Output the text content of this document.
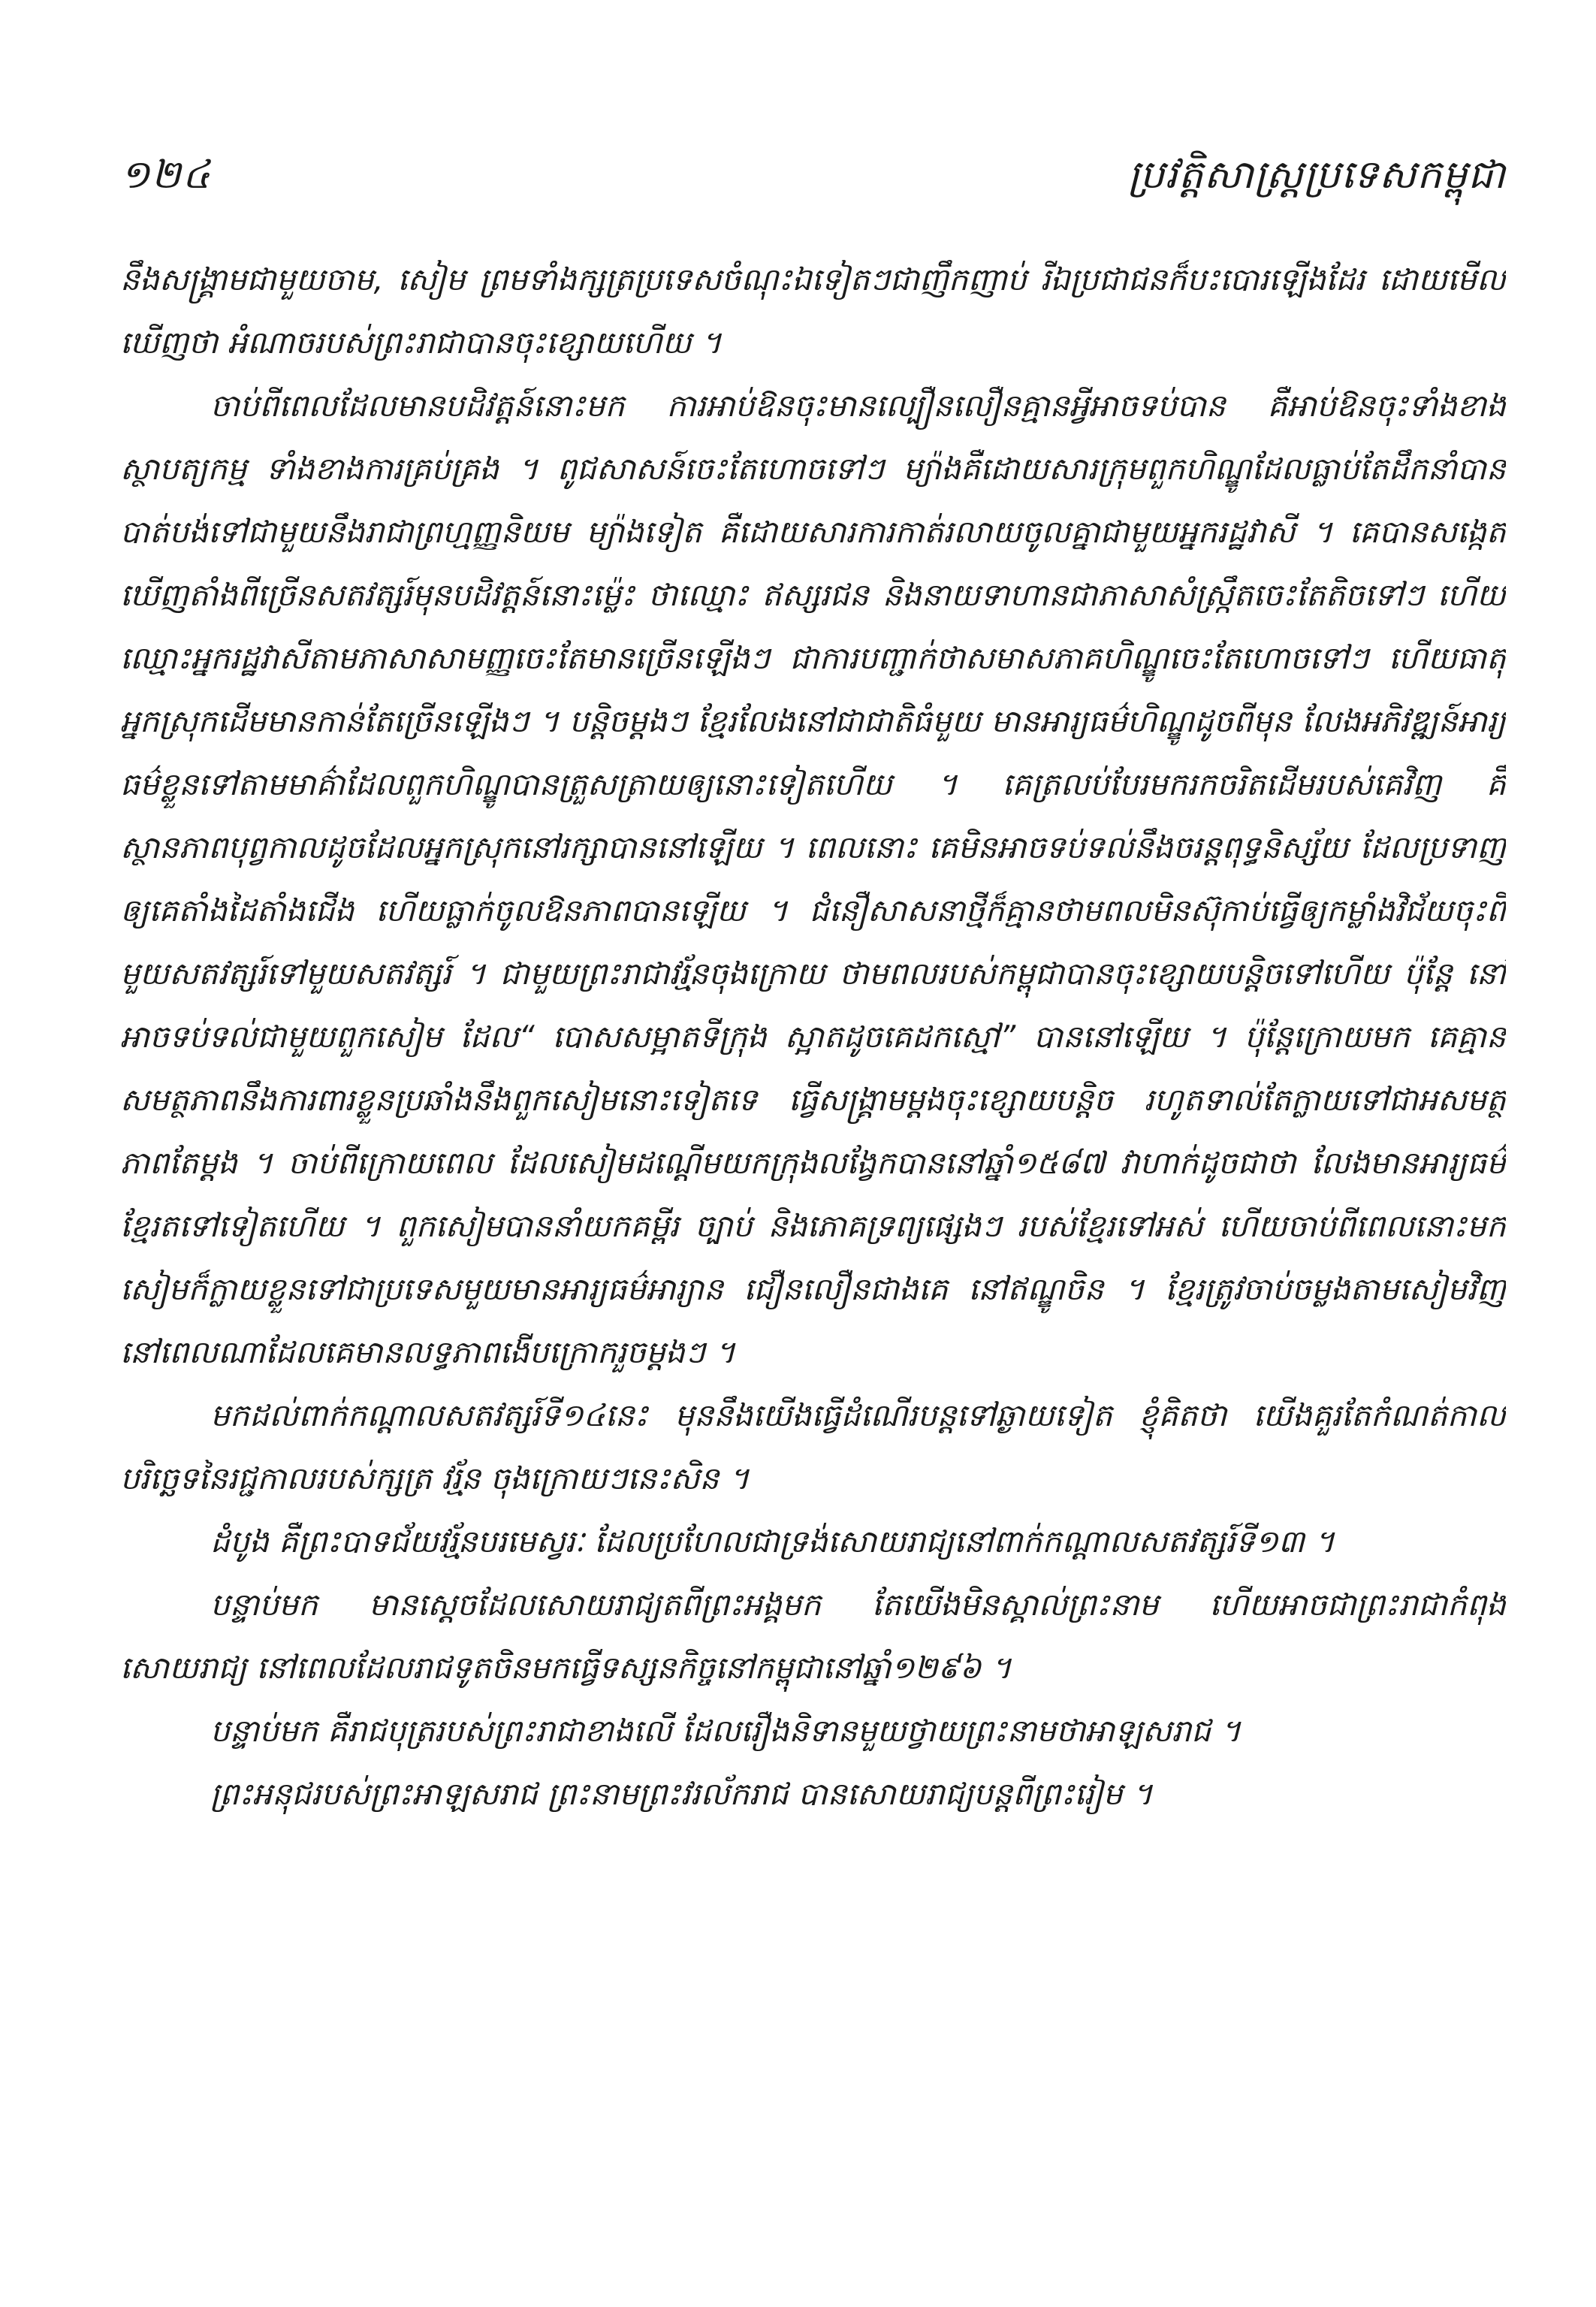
១២៤	ប្រវត្តិសាស្ត្រប្រទេសកម្ពុជា

នឹងសង្គ្រាមជាមួយចាម, សៀម ព្រមទាំងក្សត្រប្រទេសចំណុះឯទៀតៗជាញឹកញាប់ រីឯប្រជាជនក៏បះបោរឡើងដែរ ដោយមើលឃើញថា អំណាចរបស់ព្រះរាជាបានចុះខ្សោយហើយ ។

ចាប់ពីពេលដែលមានបដិវត្តន៍នោះមក ការអាប់ឱនចុះមានល្បឿនលឿនគ្មានអ្វីអាចទប់បាន គឺអាប់ឱនចុះទាំងខាងស្ថាបត្យកម្ម ទាំងខាងការគ្រប់គ្រង ។ ពូជសាសន៍ចេះតែហោចទៅៗ ម្យ៉ាងគឺដោយសារក្រុមពួកហិណ្ឌូដែលធ្លាប់តែដឹកនាំបានបាត់បង់ទៅជាមួយនឹងរាជាព្រហ្មញ្ញនិយម ម្យ៉ាងទៀត គឺដោយសារការកាត់រលាយចូលគ្នាជាមួយអ្នករដ្ឋវាសី ។ គេបានសង្កេតឃើញតាំងពីច្រើនសតវត្សរ៍មុនបដិវត្តន៍នោះម៉្លេះ ថាឈ្មោះ ឥស្សរជន និងនាយទាហានជាភាសាសំស្ក្រឹតចេះតែតិចទៅៗ ហើយឈ្មោះអ្នករដ្ឋវាសីតាមភាសាសាមញ្ញចេះតែមានច្រើនឡើងៗ ជាការបញ្ជាក់ថាសមាសភាគហិណ្ឌូចេះតែហោចទៅៗ ហើយធាតុអ្នកស្រុកដើមមានកាន់តែច្រើនឡើងៗ ។ បន្តិចម្តងៗ ខ្មែរលែងនៅជាជាតិធំមួយ មានអារ្យធម៌ហិណ្ឌូដូចពីមុន លែងអភិវឌ្ឍន៍អារ្យធម៌ខ្លួនទៅតាមមាគ៌ាដែលពួកហិណ្ឌូបានត្រួសត្រាយឲ្យនោះទៀតហើយ ។ គេត្រលប់បែរមករកចរិតដើមរបស់គេវិញ គឺស្ថានភាពបុព្វកាលដូចដែលអ្នកស្រុកនៅរក្សាបាននៅឡើយ ។ ពេលនោះ គេមិនអាចទប់ទល់នឹងចរន្តពុទ្ធនិស្ស័យ ដែលប្រទាញឲ្យគេតាំងដៃតាំងជើង ហើយធ្លាក់ចូលឱនភាពបានឡើយ ។ ជំនឿសាសនាថ្មីក៏គ្មានថាមពលមិនស៊ុកាប់ធ្វើឲ្យកម្លាំងវិជ័យចុះពីមួយសតវត្សរ៍ទៅមួយសតវត្សរ៍ ។ ជាមួយព្រះរាជាវរ្ម័នចុងក្រោយ ថាមពលរបស់កម្ពុជាបានចុះខ្សោយបន្តិចទៅហើយ ប៉ុន្តែ នៅអាចទប់ទល់ជាមួយពួកសៀម ដែល“ បោសសម្អាតទីក្រុង ស្អាតដូចគេដកស្មៅ” បាននៅឡើយ ។ ប៉ុន្តែក្រោយមក គេគ្មានសមត្ថភាពនឹងការពារខ្លួនប្រឆាំងនឹងពួកសៀមនោះទៀតទេ ធ្វើសង្គ្រាមម្តងចុះខ្សោយបន្តិច រហូតទាល់តែក្លាយទៅជាអសមត្ថភាពតែម្តង ។ ចាប់ពីក្រោយពេល ដែលសៀមដណ្តើមយកក្រុងលង្វែកបាននៅឆ្នាំ១៥៨៧ វាហាក់ដូចជាថា លែងមានអារ្យធម៌ខ្មែរតទៅទៀតហើយ ។ ពួកសៀមបាននាំយកគម្ពីរ ច្បាប់ និងភោគទ្រព្យផ្សេងៗ របស់ខ្មែរទៅអស់ ហើយចាប់ពីពេលនោះមក សៀមក៏ក្លាយខ្លួនទៅជាប្រទេសមួយមានអារ្យធម៌អារ្យាន ជឿនលឿនជាងគេ នៅឥណ្ឌូចិន ។ ខ្មែរត្រូវចាប់ចម្លងតាមសៀមវិញ នៅពេលណាដែលគេមានលទ្ធភាពងើបក្រោករួចម្តងៗ ។

មកដល់ពាក់កណ្តាលសតវត្សរ៍ទី១៤នេះ មុននឹងយើងធ្វើដំណើរបន្តទៅឆ្ងាយទៀត ខ្ញុំគិតថា យើងគួរតែកំណត់កាលបរិច្ឆេទនៃរជ្ជកាលរបស់ក្សត្រ វរ្ម័ន ចុងក្រោយៗនេះសិន ។

ដំបូង គឺព្រះបាទជ័យវរ្ម័នបរមេស្វរៈ ដែលប្រហែលជាទ្រង់សោយរាជ្យនៅពាក់កណ្តាលសតវត្សរ៍ទី១៣ ។

បន្ទាប់មក មានស្តេចដែលសោយរាជ្យតពីព្រះអង្គមក តែយើងមិនស្គាល់ព្រះនាម ហើយអាចជាព្រះរាជាកំពុងសោយរាជ្យ នៅពេលដែលរាជទូតចិនមកធ្វើទស្សនកិច្ចនៅកម្ពុជានៅឆ្នាំ១២៩៦ ។

បន្ទាប់មក គឺរាជបុត្ររបស់ព្រះរាជាខាងលើ ដែលរឿងនិទានមួយថ្វាយព្រះនាមថាអាឡសរាជ ។

ព្រះអនុជរបស់ព្រះអាឡសរាជ ព្រះនាមព្រះវរល័ករាជ បានសោយរាជ្យបន្តពីព្រះរៀម ។
